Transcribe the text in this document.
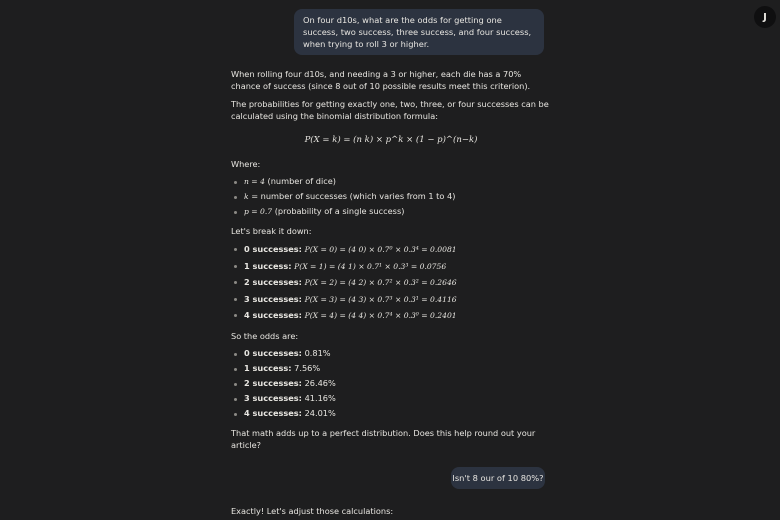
J
On four d10s, what are the odds for getting one success, two success, three success, and four success, when trying to roll 3 or higher.

When rolling four d10s, and needing a 3 or higher, each die has a 70% chance of success (since 8 out of 10 possible results meet this criterion).

The probabilities for getting exactly one, two, three, or four successes can be calculated using the binomial distribution formula:

P(X = k) = (n k) × p^k × (1 − p)^(n−k)

Where:

n = 4 (number of dice)
k = number of successes (which varies from 1 to 4)
p = 0.7 (probability of a single success)

Let's break it down:

0 successes: P(X = 0) = (4 0) × 0.7⁰ × 0.3⁴ = 0.0081
1 success: P(X = 1) = (4 1) × 0.7¹ × 0.3³ = 0.0756
2 successes: P(X = 2) = (4 2) × 0.7² × 0.3² = 0.2646
3 successes: P(X = 3) = (4 3) × 0.7³ × 0.3¹ = 0.4116
4 successes: P(X = 4) = (4 4) × 0.7⁴ × 0.3⁰ = 0.2401

So the odds are:

0 successes: 0.81%
1 success: 7.56%
2 successes: 26.46%
3 successes: 41.16%
4 successes: 24.01%

That math adds up to a perfect distribution. Does this help round out your article?

Isn't 8 our of 10 80%?

Exactly! Let's adjust those calculations:
